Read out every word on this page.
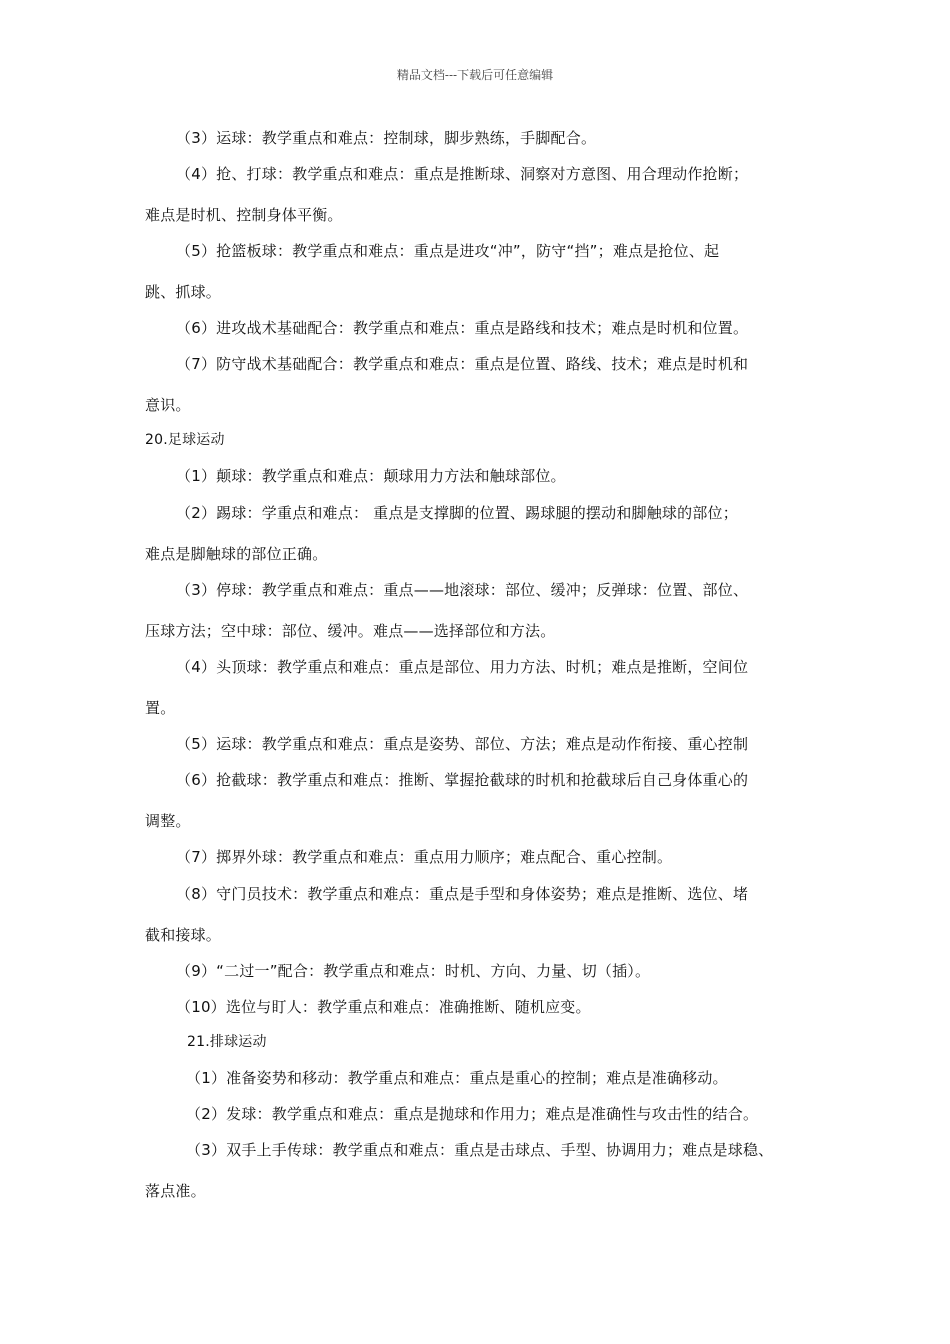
精品文档---下载后可任意编辑
（3）运球：教学重点和难点：控制球，脚步熟练，手脚配合。
（4）抢、打球：教学重点和难点：重点是推断球、洞察对方意图、用合理动作抢断；
难点是时机、控制身体平衡。
（5）抢篮板球：教学重点和难点：重点是进攻“冲”，防守“挡”；难点是抢位、起
跳、抓球。
（6）进攻战术基础配合：教学重点和难点：重点是路线和技术；难点是时机和位置。
（7）防守战术基础配合：教学重点和难点：重点是位置、路线、技术；难点是时机和
意识。
20.足球运动
（1）颠球：教学重点和难点：颠球用力方法和触球部位。
（2）踢球：学重点和难点： 重点是支撑脚的位置、踢球腿的摆动和脚触球的部位；
难点是脚触球的部位正确。
（3）停球：教学重点和难点：重点——地滚球：部位、缓冲；反弹球：位置、部位、
压球方法；空中球：部位、缓冲。难点——选择部位和方法。
（4）头顶球：教学重点和难点：重点是部位、用力方法、时机；难点是推断，空间位
置。
（5）运球：教学重点和难点：重点是姿势、部位、方法；难点是动作衔接、重心控制
（6）抢截球：教学重点和难点：推断、掌握抢截球的时机和抢截球后自己身体重心的
调整。
（7）掷界外球：教学重点和难点：重点用力顺序；难点配合、重心控制。
（8）守门员技术：教学重点和难点：重点是手型和身体姿势；难点是推断、选位、堵
截和接球。
（9）“二过一”配合：教学重点和难点：时机、方向、力量、切（插）。
（10）选位与盯人：教学重点和难点：准确推断、随机应变。
21.排球运动
（1）准备姿势和移动：教学重点和难点：重点是重心的控制；难点是准确移动。
（2）发球：教学重点和难点：重点是抛球和作用力；难点是准确性与攻击性的结合。
（3）双手上手传球：教学重点和难点：重点是击球点、手型、协调用力；难点是球稳、
落点准。
